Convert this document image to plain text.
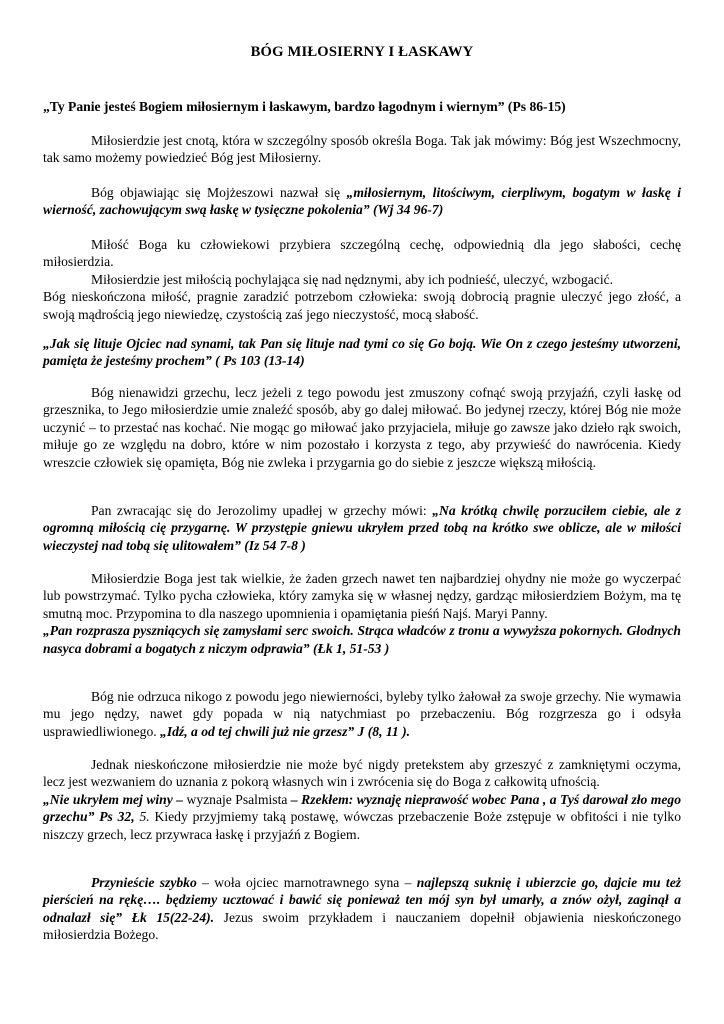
BÓG MIŁOSIERNY I ŁASKAWY

„Ty Panie jesteś Bogiem miłosiernym i łaskawym, bardzo łagodnym i wiernym” (Ps 86-15)

Miłosierdzie jest cnotą, która w szczególny sposób określa Boga. Tak jak mówimy: Bóg jest Wszechmocny, tak samo możemy powiedzieć Bóg jest Miłosierny.

Bóg objawiając się Mojżeszowi nazwał się „miłosiernym, litościwym, cierpliwym, bogatym w łaskę i wierność, zachowującym swą łaskę w tysięczne pokolenia” (Wj 34 96-7)

Miłość Boga ku człowiekowi przybiera szczególną cechę, odpowiednią dla jego słabości, cechę miłosierdzia.

Miłosierdzie jest miłością pochylająca się nad nędznymi, aby ich podnieść, uleczyć, wzbogacić.

Bóg nieskończona miłość, pragnie zaradzić potrzebom człowieka: swoją dobrocią pragnie uleczyć jego złość, a swoją mądrością jego niewiedzę, czystością zaś jego nieczystość, mocą słabość.

„Jak się lituje Ojciec nad synami, tak Pan się lituje nad tymi co się Go boją. Wie On z czego jesteśmy utworzeni, pamięta że jesteśmy prochem” ( Ps 103 (13-14)

Bóg nienawidzi grzechu, lecz jeżeli z tego powodu jest zmuszony cofnąć swoją przyjaźń, czyli łaskę od grzesznika, to Jego miłosierdzie umie znaleźć sposób, aby go dalej miłować. Bo jedynej rzeczy, której Bóg nie może uczynić – to przestać nas kochać. Nie mogąc go miłować jako przyjaciela, miłuje go zawsze jako dzieło rąk swoich, miłuje go ze względu na dobro, które w nim pozostało i korzysta z tego, aby przywieść do nawrócenia. Kiedy wreszcie człowiek się opamięta, Bóg nie zwleka i przygarnia go do siebie z jeszcze większą miłością.

Pan zwracając się do Jerozolimy upadłej w grzechy mówi: „Na krótką chwilę porzuciłem ciebie, ale z ogromną miłością cię przygarnę. W przystępie gniewu ukryłem przed tobą na krótko swe oblicze, ale w miłości wieczystej nad tobą się ulitowałem” (Iz 54 7-8 )

Miłosierdzie Boga jest tak wielkie, że żaden grzech nawet ten najbardziej ohydny nie może go wyczerpać lub powstrzymać. Tylko pycha człowieka, który zamyka się w własnej nędzy, gardząc miłosierdziem Bożym, ma tę smutną moc. Przypomina to dla naszego upomnienia i opamiętania pieśń Najś. Maryi Panny.

„Pan rozprasza pyszniących się zamysłami serc swoich. Strąca władców z tronu a wywyższa pokornych. Głodnych nasyca dobrami a bogatych z niczym odprawia” (Łk 1, 51-53 )

Bóg nie odrzuca nikogo z powodu jego niewierności, byleby tylko żałował za swoje grzechy. Nie wymawia mu jego nędzy, nawet gdy popada w nią natychmiast po przebaczeniu. Bóg rozgrzesza go i odsyła usprawiedliwionego. „Idź, a od tej chwili już nie grzesz” J (8, 11 ).

Jednak nieskończone miłosierdzie nie może być nigdy pretekstem aby grzeszyć z zamkniętymi oczyma, lecz jest wezwaniem do uznania z pokorą własnych win i zwrócenia się do Boga z całkowitą ufnością.

„Nie ukryłem mej winy – wyznaje Psalmista – Rzekłem: wyznaję nieprawość wobec Pana , a Tyś darował zło mego grzechu” Ps 32, 5. Kiedy przyjmiemy taką postawę, wówczas przebaczenie Boże zstępuje w obfitości i nie tylko niszczy grzech, lecz przywraca łaskę i przyjaźń z Bogiem.

Przynieście szybko – woła ojciec marnotrawnego syna – najlepszą suknię i ubierzcie go, dajcie mu też pierścień na rękę…. będziemy ucztować i bawić się ponieważ ten mój syn był umarły, a znów ożył, zaginął a odnalazł się” Łk 15(22-24). Jezus swoim przykładem i nauczaniem dopełnił objawienia nieskończonego miłosierdzia Bożego.
